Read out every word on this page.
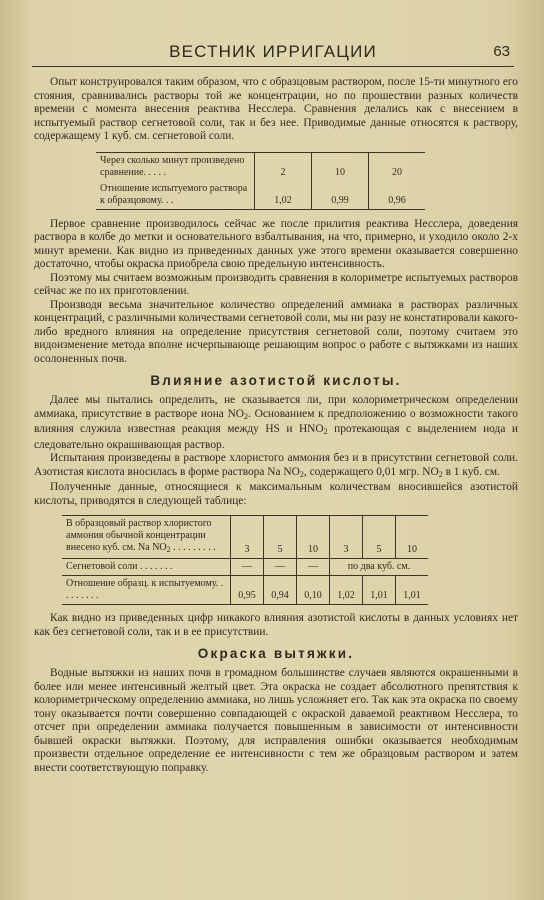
ВЕСТНИК ИРРИГАЦИИ	63

Опыт конструировался таким образом, что с образцовым раствором, после 15-ти минутного его стояния, сравнивались растворы той же концентрации, но по прошествии разных количеств времени с момента внесения реактива Несслера. Сравнения делались как с внесением в испытуемый раствор сегнетовой соли, так и без нее. Приводимые данные относятся к раствору, содержащему 1 куб. см. сегнетовой соли.

Через сколько минут произведено сравнение. . . . .	2	10	20
Отношение испытуемого раствора к образцовому. . .	1,02	0,99	0,96

Первое сравнение производилось сейчас же после прилития реактива Несслера, доведения раствора в колбе до метки и основательного взбалтывания, на что, примерно, и уходило около 2-х минут времени. Как видно из приведенных данных уже этого времени оказывается совершенно достаточно, чтобы окраска приобрела свою предельную интенсивность.

Поэтому мы считаем возможным производить сравнения в колориметре испытуемых растворов сейчас же по их приготовлении.

Производя весьма значительное количество определений аммиака в растворах различных концентраций, с различными количествами сегнетовой соли, мы ни разу не констатировали какого-либо вредного влияния на определение присутствия сегнетовой соли, поэтому считаем это видоизменение метода вполне исчерпывающе решающим вопрос о работе с вытяжками из наших осолоненных почв.

Влияние азотистой кислоты.

Далее мы пытались определить, не сказывается ли, при колориметрическом определении аммиака, присутствие в растворе иона $NO_2$. Основанием к предположению о возможности такого влияния служила известная реакция между HS и $HNO_2$ протекающая с выделением иода и следовательно окрашивающая раствор.

Испытания произведены в растворе хлористого аммония без и в присутствии сегнетовой соли. Азотистая кислота вносилась в форме раствора Na $NO_2$, содержащего 0,01 мгр. $NO_2$ в 1 куб. см.

Полученные данные, относящиеся к максимальным количествам вносившейся азотистой кислоты, приводятся в следующей таблице:

В образцовый раствор хлористого аммония обычной концентрации внесено куб. см. Na $NO_2$ . . . . . . . . .	3	5	10	3	5	10
Сегнетовой соли . . . . . . .	—	—	—	по два куб. см.		
Отношение образц. к испытуемому. . . . . . . . .	0,95	0,94	0,10	1,02	1,01	1,01

Как видно из приведенных цифр никакого влияния азотистой кислоты в данных условиях нет как без сегнетовой соли, так и в ее присутствии.

Окраска вытяжки.

Водные вытяжки из наших почв в громадном большинстве случаев являются окрашенными в более или менее интенсивный желтый цвет. Эта окраска не создает абсолютного препятствия к колориметрическому определению аммиака, но лишь усложняет его. Так как эта окраска по своему тону оказывается почти совершенно совпадающей с окраской даваемой реактивом Несслера, то отсчет при определении аммиака получается повышенным в зависимости от интенсивности бывшей окраски вытяжки. Поэтому, для исправления ошибки оказывается необходимым произвести отдельное определение ее интенсивности с тем же образцовым раствором и затем внести соответствующую поправку.
